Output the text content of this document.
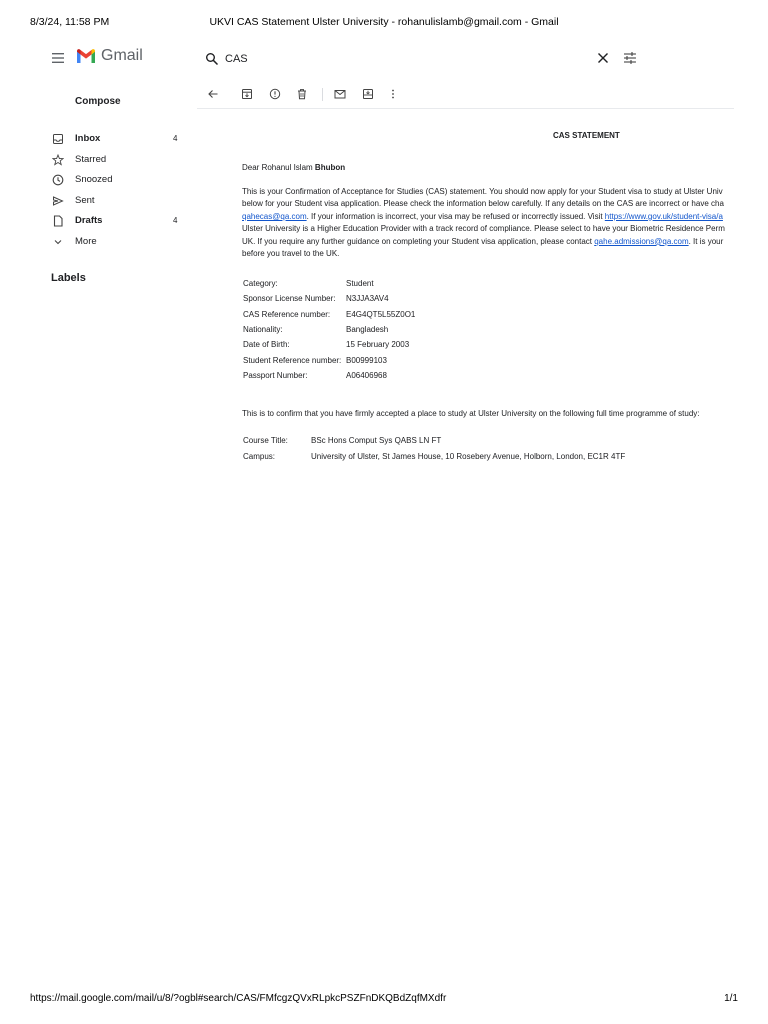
8/3/24, 11:58 PM	UKVI CAS Statement Ulster University - rohanulislamb@gmail.com - Gmail
Gmail	CAS
Compose
Inbox	4
Starred
Snoozed
Sent
Drafts	4
More
Labels
CAS STATEMENT
Dear Rohanul Islam Bhubon
This is your Confirmation of Acceptance for Studies (CAS) statement. You should now apply for your Student visa to study at Ulster Univ
below for your Student visa application. Please check the information below carefully. If any details on the CAS are incorrect or have cha
qahecas@qa.com. If your information is incorrect, your visa may be refused or incorrectly issued. Visit https://www.gov.uk/student-visa/a
Ulster University is a Higher Education Provider with a track record of compliance. Please select to have your Biometric Residence Perm
UK. If you require any further guidance on completing your Student visa application, please contact qahe.admissions@qa.com. It is your
before you travel to the UK.
Category:	Student
Sponsor License Number:	N3JJA3AV4
CAS Reference number:	E4G4QT5L55Z0O1
Nationality:	Bangladesh
Date of Birth:	15 February 2003
Student Reference number:	B00999103
Passport Number:	A06406968
This is to confirm that you have firmly accepted a place to study at Ulster University on the following full time programme of study:
Course Title:	BSc Hons Comput Sys QABS LN FT
Campus:	University of Ulster, St James House, 10 Rosebery Avenue, Holborn, London, EC1R 4TF
https://mail.google.com/mail/u/8/?ogbl#search/CAS/FMfcgzQVxRLpkcPSZFnDKQBdZqfMXdfr	1/1
